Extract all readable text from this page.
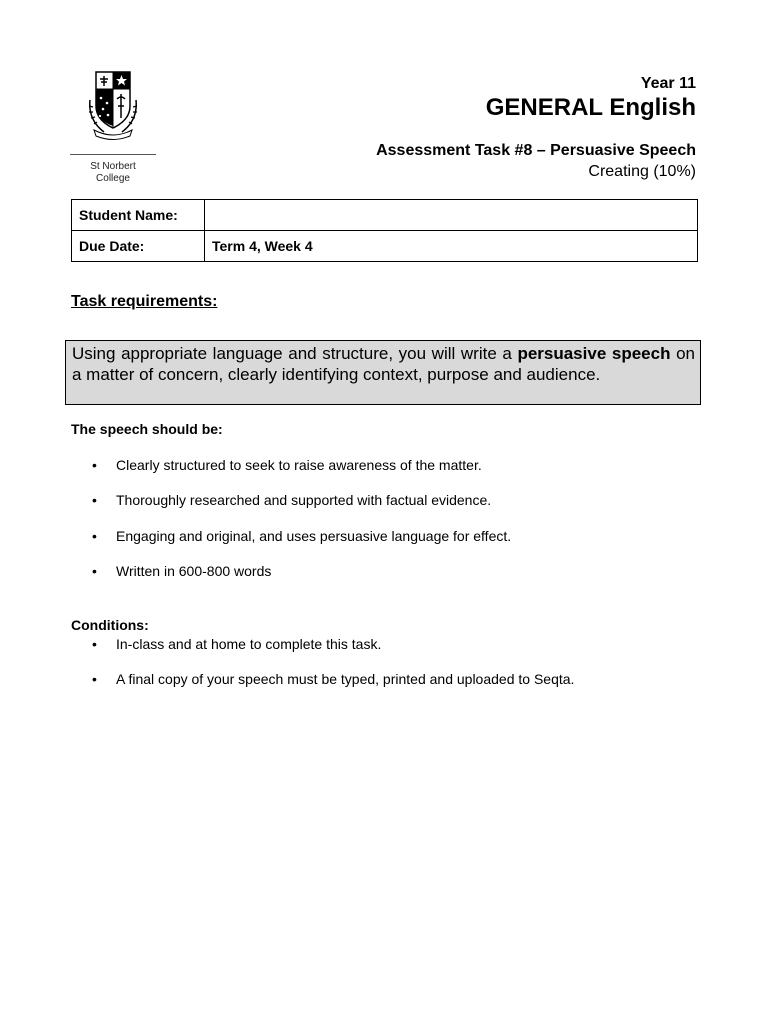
St Norbert
College
Year 11
GENERAL English
Assessment Task #8 – Persuasive Speech
Creating (10%)
Student Name:	
Due Date:	Term 4, Week 4
Task requirements:
Using appropriate language and structure, you will write a persuasive speech on a matter of concern, clearly identifying context, purpose and audience.
The speech should be:
• Clearly structured to seek to raise awareness of the matter.
• Thoroughly researched and supported with factual evidence.
• Engaging and original, and uses persuasive language for effect.
• Written in 600-800 words
Conditions:
• In-class and at home to complete this task.
• A final copy of your speech must be typed, printed and uploaded to Seqta.
